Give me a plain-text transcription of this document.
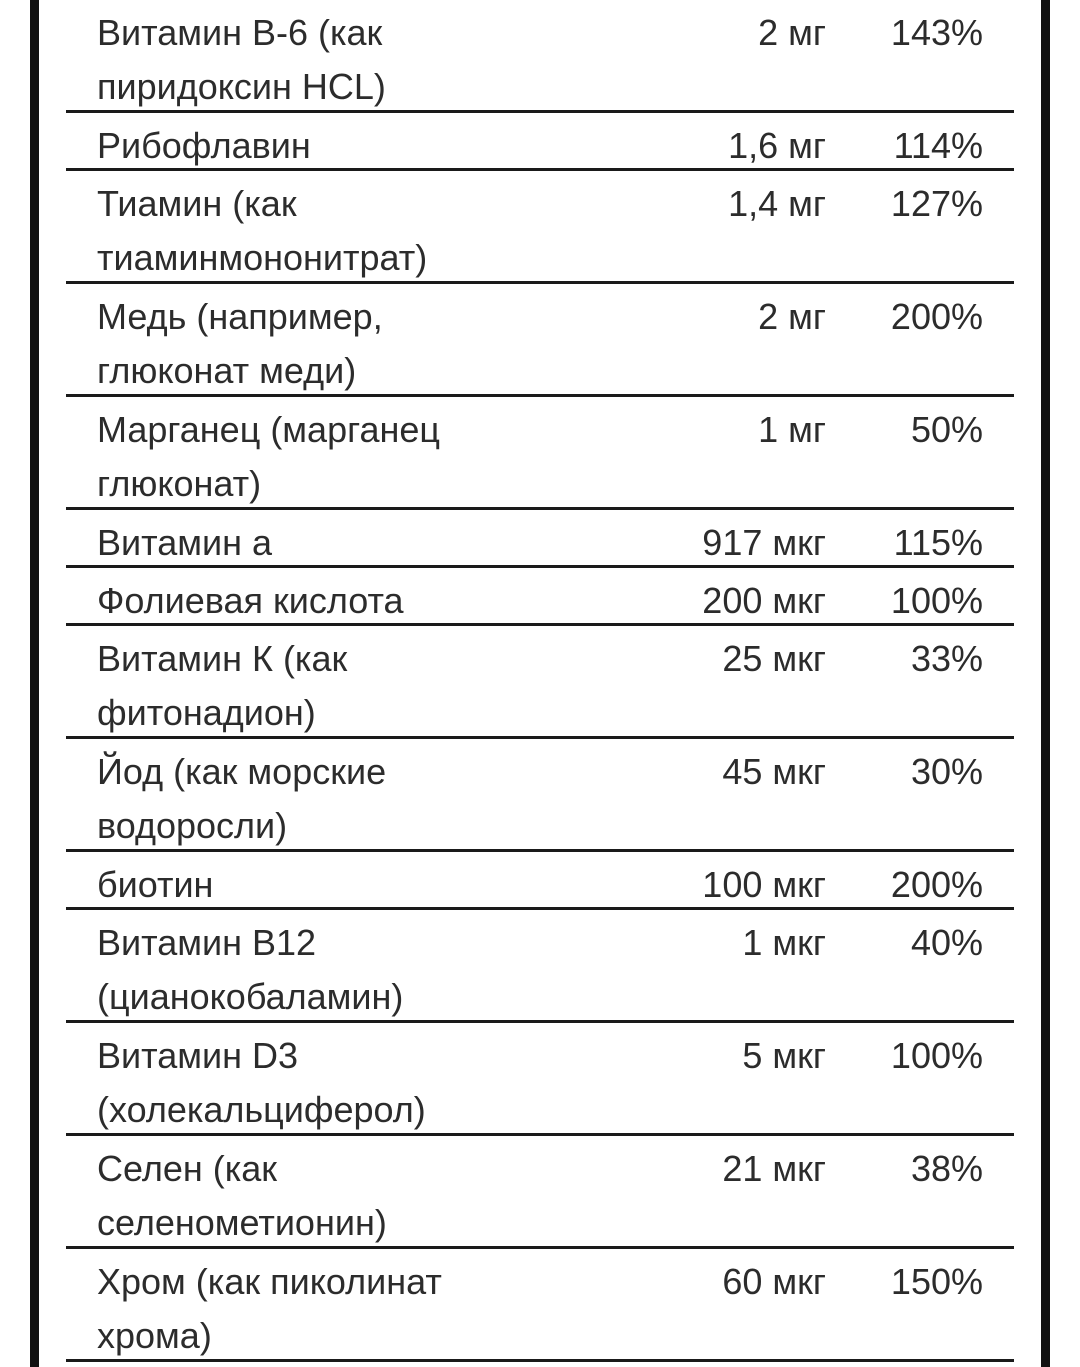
Витамин B-6 (как
пиридоксин HCL)
2 мг 143%
Рибофлавин	1,6 мг 114%
Тиамин (как
тиаминмононитрат)
1,4 мг 127%
Медь (например,
глюконат меди)
2 мг 200%
Марганец (марганец
глюконат)
1 мг 50%
Витамин а	917 мкг 115%
Фолиевая кислота	200 мкг 100%
Витамин К (как
фитонадион)
25 мкг 33%
Йод (как морские
водоросли)
45 мкг 30%
биотин	100 мкг 200%
Витамин B12
(цианокобаламин)
1 мкг 40%
Витамин D3
(холекальциферол)
5 мкг 100%
Селен (как
селенометионин)
21 мкг 38%
Хром (как пиколинат
хрома)
60 мкг 150%
